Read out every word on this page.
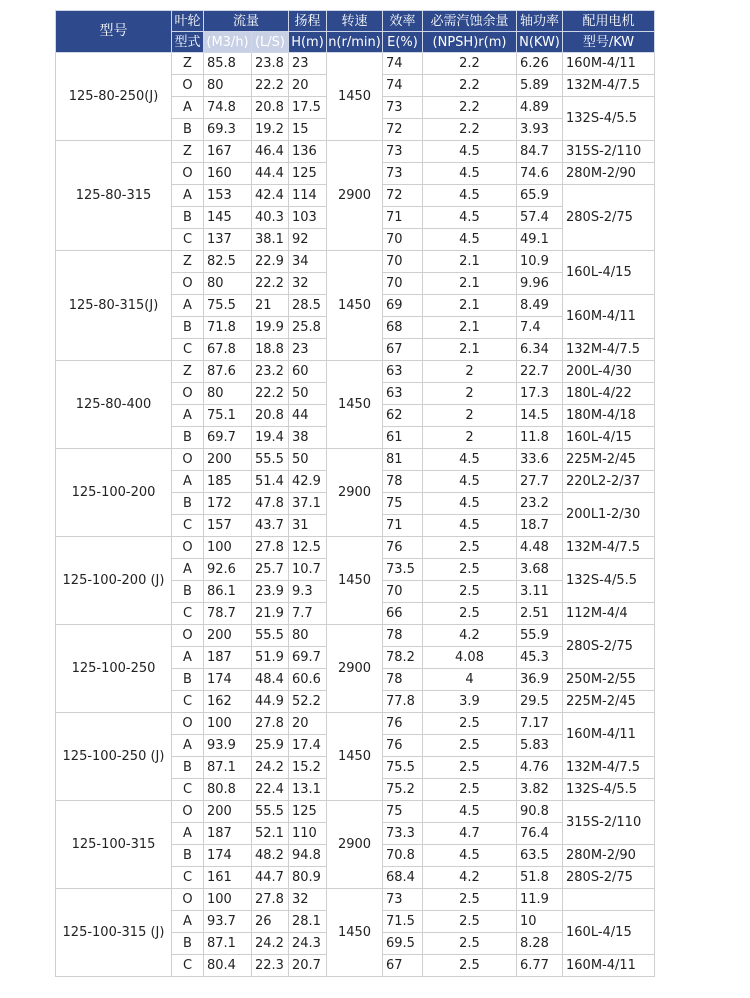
型号	叶轮	流量		扬程	转速	效率	必需汽蚀余量	轴功率	配用电机
	型式	(M3/h)	(L/S)	H(m)	n(r/min)	E(%)	(NPSH)r(m)	N(KW)	型号/KW
125-80-250(J)	Z	85.8	23.8	23	1450	74	2.2	6.26	160M-4/11
	O	80	22.2	20		74	2.2	5.89	132M-4/7.5
	A	74.8	20.8	17.5		73	2.2	4.89	132S-4/5.5
	B	69.3	19.2	15		72	2.2	3.93	
125-80-315	Z	167	46.4	136	2900	73	4.5	84.7	315S-2/110
	O	160	44.4	125		73	4.5	74.6	280M-2/90
	A	153	42.4	114		72	4.5	65.9	280S-2/75
	B	145	40.3	103		71	4.5	57.4	
	C	137	38.1	92		70	4.5	49.1	
125-80-315(J)	Z	82.5	22.9	34	1450	70	2.1	10.9	160L-4/15
	O	80	22.2	32		70	2.1	9.96	
	A	75.5	21	28.5		69	2.1	8.49	160M-4/11
	B	71.8	19.9	25.8		68	2.1	7.4	
	C	67.8	18.8	23		67	2.1	6.34	132M-4/7.5
125-80-400	Z	87.6	23.2	60	1450	63	2	22.7	200L-4/30
	O	80	22.2	50		63	2	17.3	180L-4/22
	A	75.1	20.8	44		62	2	14.5	180M-4/18
	B	69.7	19.4	38		61	2	11.8	160L-4/15
125-100-200	O	200	55.5	50	2900	81	4.5	33.6	225M-2/45
	A	185	51.4	42.9		78	4.5	27.7	220L2-2/37
	B	172	47.8	37.1		75	4.5	23.2	200L1-2/30
	C	157	43.7	31		71	4.5	18.7	
125-100-200 (J)	O	100	27.8	12.5	1450	76	2.5	4.48	132M-4/7.5
	A	92.6	25.7	10.7		73.5	2.5	3.68	132S-4/5.5
	B	86.1	23.9	9.3		70	2.5	3.11	
	C	78.7	21.9	7.7		66	2.5	2.51	112M-4/4
125-100-250	O	200	55.5	80	2900	78	4.2	55.9	280S-2/75
	A	187	51.9	69.7		78.2	4.08	45.3	
	B	174	48.4	60.6		78	4	36.9	250M-2/55
	C	162	44.9	52.2		77.8	3.9	29.5	225M-2/45
125-100-250 (J)	O	100	27.8	20	1450	76	2.5	7.17	160M-4/11
	A	93.9	25.9	17.4		76	2.5	5.83	
	B	87.1	24.2	15.2		75.5	2.5	4.76	132M-4/7.5
	C	80.8	22.4	13.1		75.2	2.5	3.82	132S-4/5.5
125-100-315	O	200	55.5	125	2900	75	4.5	90.8	315S-2/110
	A	187	52.1	110		73.3	4.7	76.4	
	B	174	48.2	94.8		70.8	4.5	63.5	280M-2/90
	C	161	44.7	80.9		68.4	4.2	51.8	280S-2/75
125-100-315 (J)	O	100	27.8	32	1450	73	2.5	11.9	
	A	93.7	26	28.1		71.5	2.5	10	160L-4/15
	B	87.1	24.2	24.3		69.5	2.5	8.28	
	C	80.4	22.3	20.7		67	2.5	6.77	160M-4/11
